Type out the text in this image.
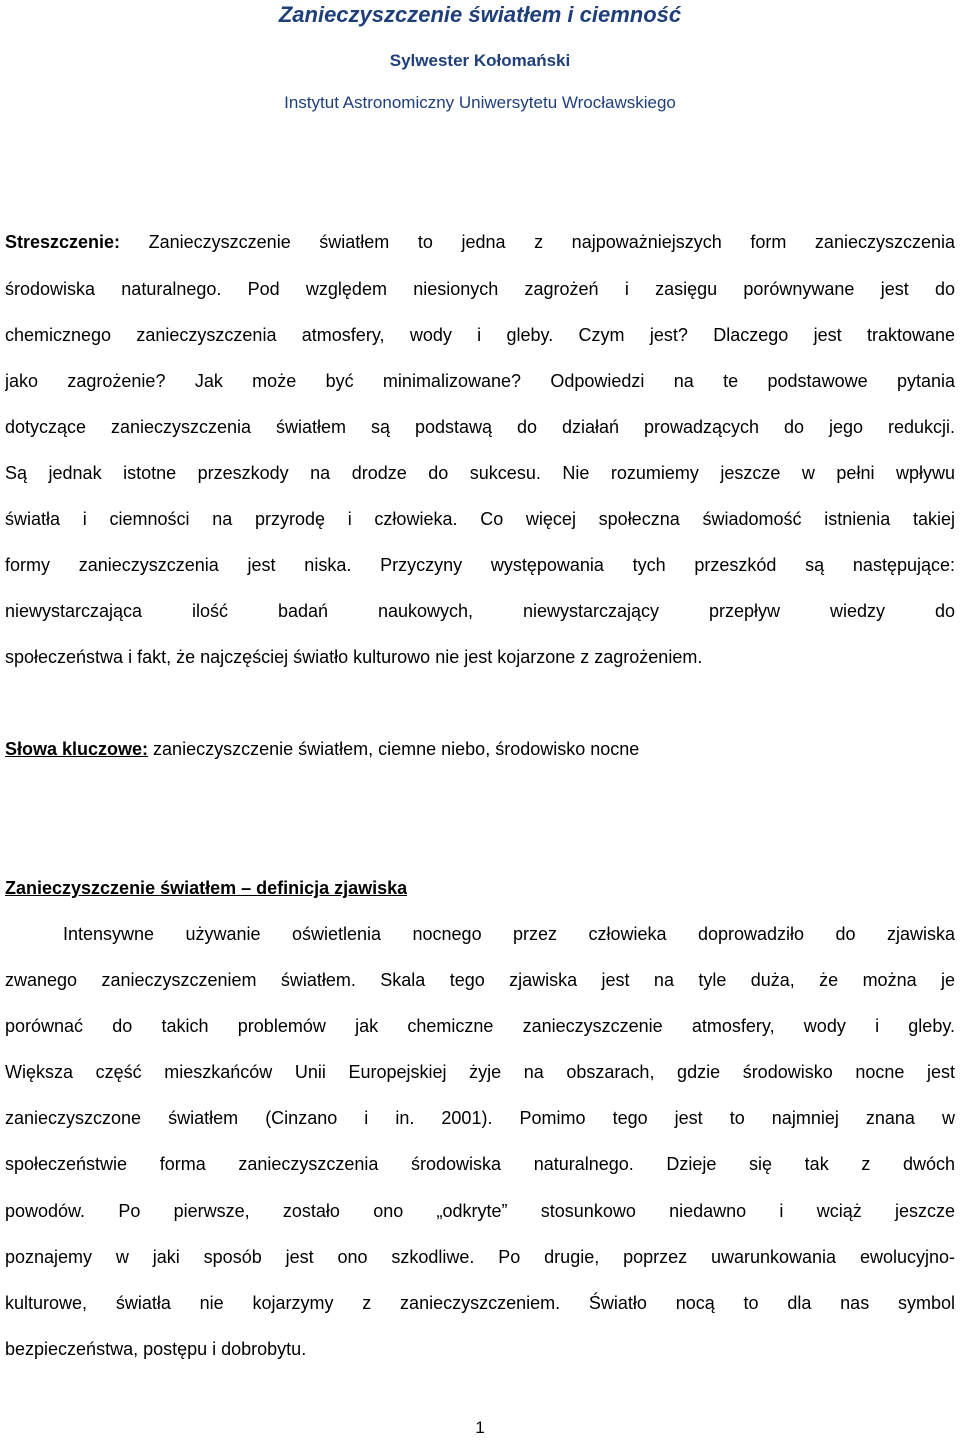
Zanieczyszczenie światłem i ciemność
Sylwester Kołomański
Instytut Astronomiczny Uniwersytetu Wrocławskiego
Streszczenie: Zanieczyszczenie światłem to jedna z najpoważniejszych form zanieczyszczenia
środowiska naturalnego. Pod względem niesionych zagrożeń i zasięgu porównywane jest do
chemicznego zanieczyszczenia atmosfery, wody i gleby. Czym jest? Dlaczego jest traktowane
jako zagrożenie? Jak może być minimalizowane? Odpowiedzi na te podstawowe pytania
dotyczące zanieczyszczenia światłem są podstawą do działań prowadzących do jego redukcji.
Są jednak istotne przeszkody na drodze do sukcesu. Nie rozumiemy jeszcze w pełni wpływu
światła i ciemności na przyrodę i człowieka. Co więcej społeczna świadomość istnienia takiej
formy zanieczyszczenia jest niska. Przyczyny występowania tych przeszkód są następujące:
niewystarczająca ilość badań naukowych, niewystarczający przepływ wiedzy do
społeczeństwa i fakt, że najczęściej światło kulturowo nie jest kojarzone z zagrożeniem.
Słowa kluczowe: zanieczyszczenie światłem, ciemne niebo, środowisko nocne
Zanieczyszczenie światłem – definicja zjawiska
Intensywne używanie oświetlenia nocnego przez człowieka doprowadziło do zjawiska
zwanego zanieczyszczeniem światłem. Skala tego zjawiska jest na tyle duża, że można je
porównać do takich problemów jak chemiczne zanieczyszczenie atmosfery, wody i gleby.
Większa część mieszkańców Unii Europejskiej żyje na obszarach, gdzie środowisko nocne jest
zanieczyszczone światłem (Cinzano i in. 2001). Pomimo tego jest to najmniej znana w
społeczeństwie forma zanieczyszczenia środowiska naturalnego. Dzieje się tak z dwóch
powodów. Po pierwsze, zostało ono „odkryte” stosunkowo niedawno i wciąż jeszcze
poznajemy w jaki sposób jest ono szkodliwe. Po drugie, poprzez uwarunkowania ewolucyjno-
kulturowe, światła nie kojarzymy z zanieczyszczeniem. Światło nocą to dla nas symbol
bezpieczeństwa, postępu i dobrobytu.
1
